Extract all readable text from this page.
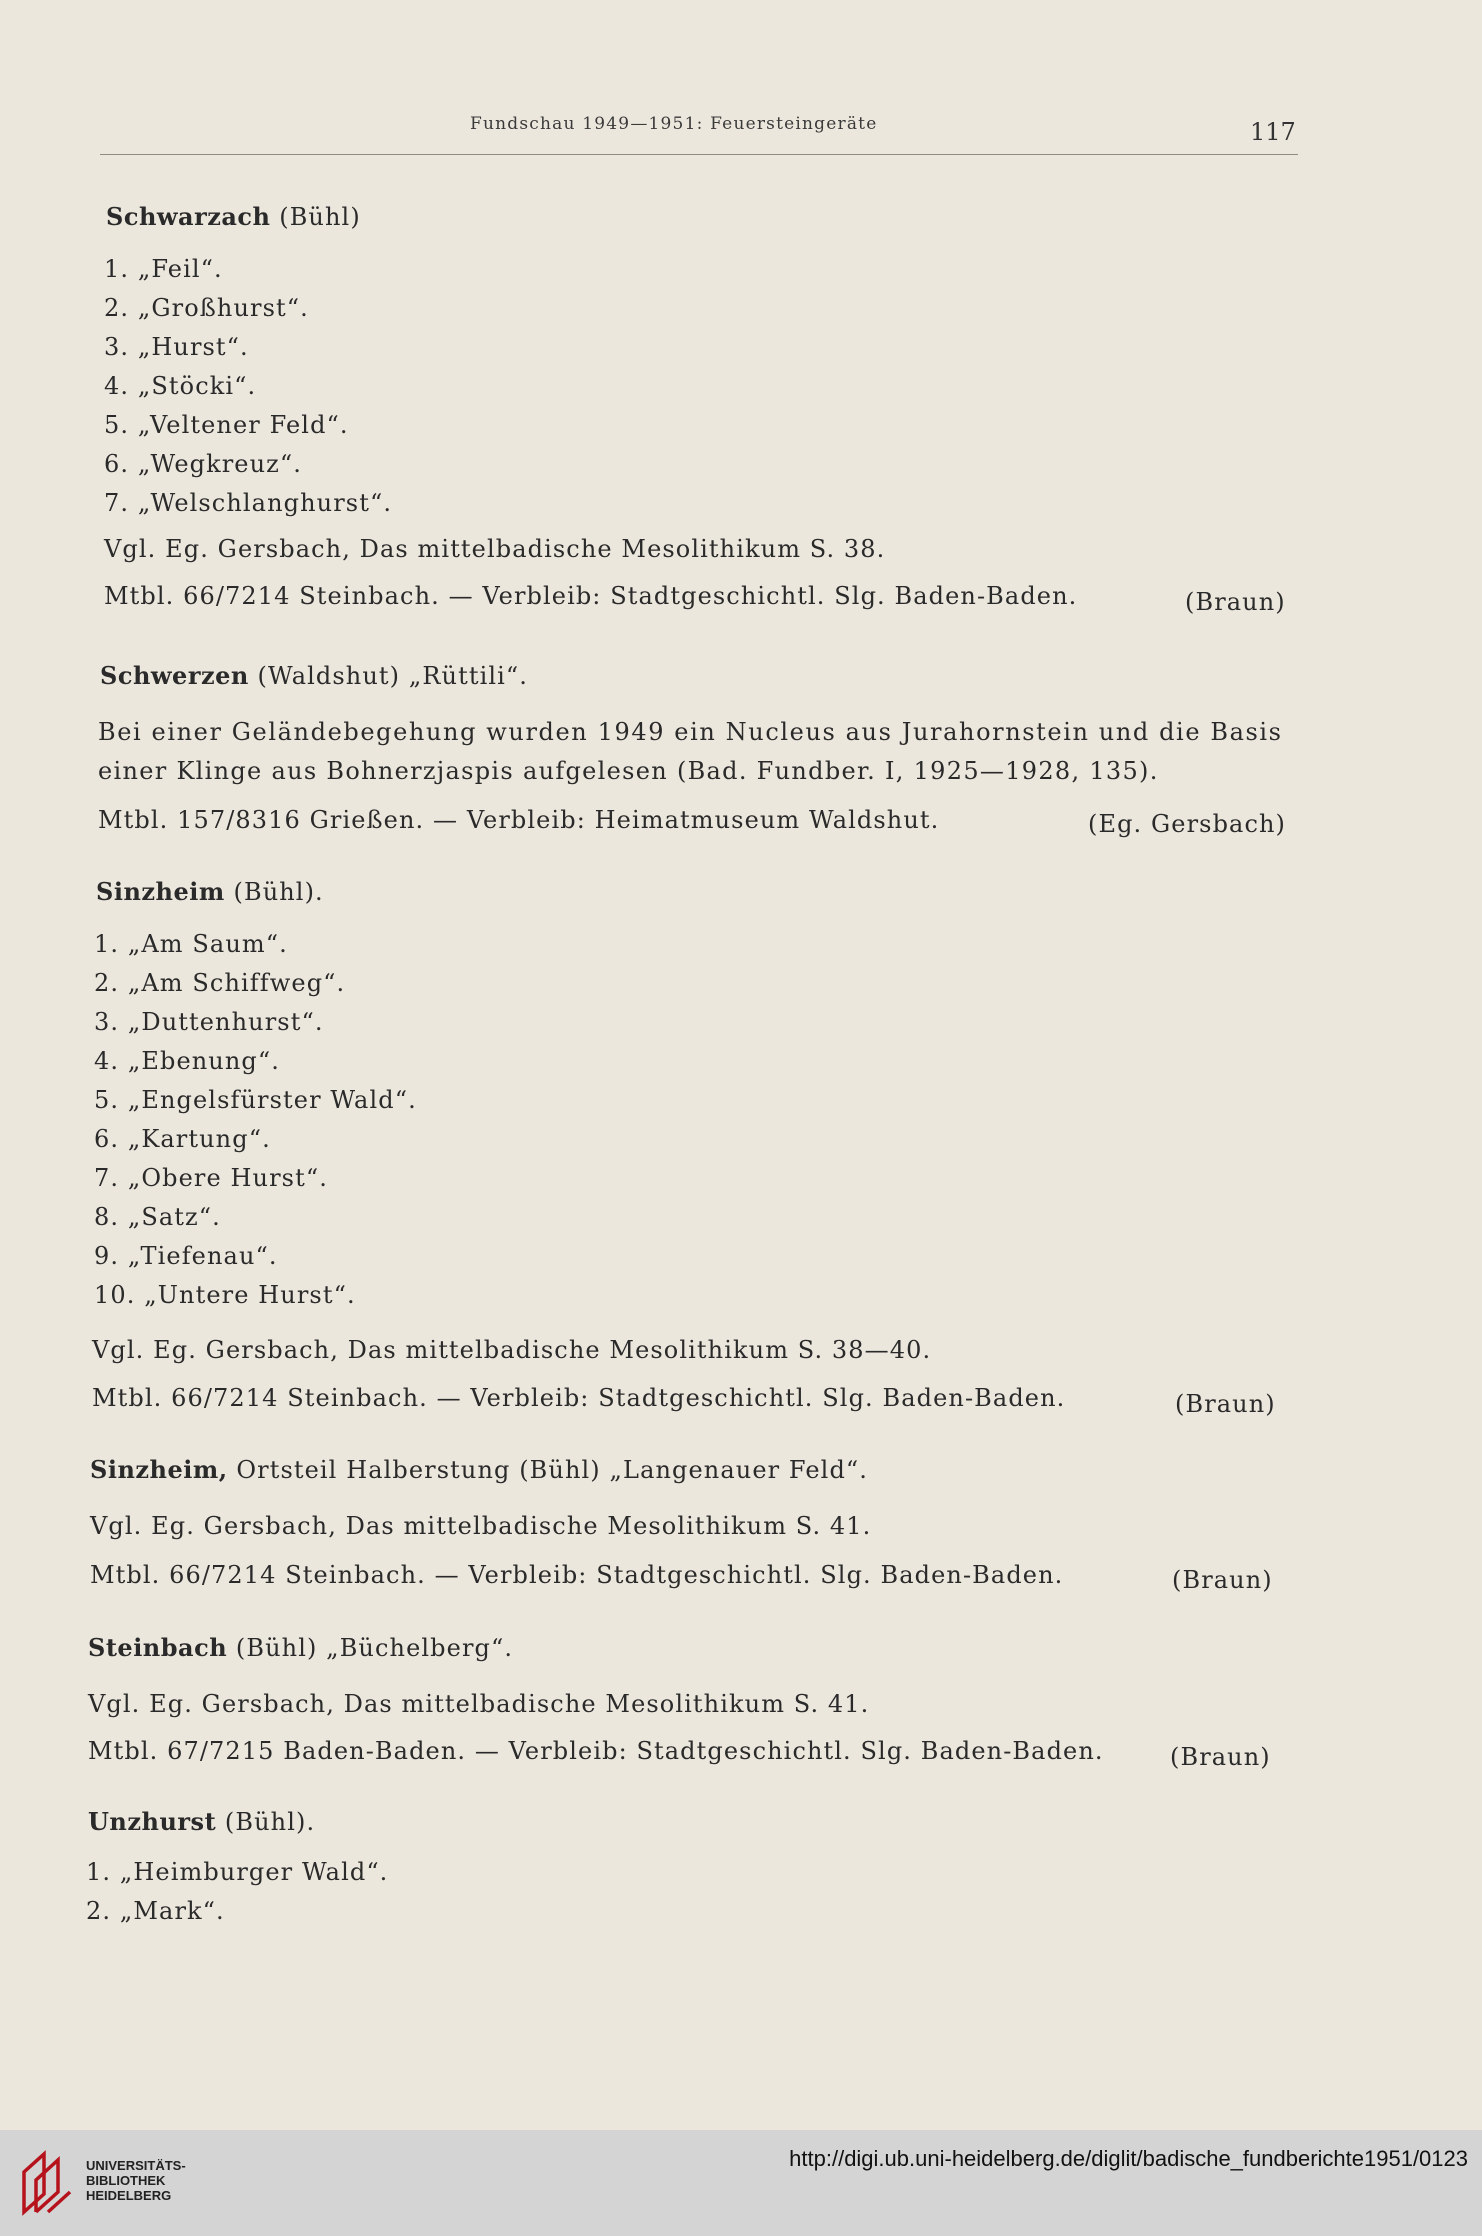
Fundschau 1949—1951: Feuersteingeräte	117
Schwarzach (Bühl)
1. „Feil“.
2. „Großhurst“.
3. „Hurst“.
4. „Stöcki“.
5. „Veltener Feld“.
6. „Wegkreuz“.
7. „Welschlanghurst“.
Vgl. Eg. Gersbach, Das mittelbadische Mesolithikum S. 38.
Mtbl. 66/7214 Steinbach. — Verbleib: Stadtgeschichtl. Slg. Baden-Baden.	(Braun)
Schwerzen (Waldshut) „Rüttili“.
Bei einer Geländebegehung wurden 1949 ein Nucleus aus Jurahornstein und die Basis
einer Klinge aus Bohnerzjaspis aufgelesen (Bad. Fundber. I, 1925—1928, 135).
Mtbl. 157/8316 Grießen. — Verbleib: Heimatmuseum Waldshut.	(Eg. Gersbach)
Sinzheim (Bühl).
1. „Am Saum“.
2. „Am Schiffweg“.
3. „Duttenhurst“.
4. „Ebenung“.
5. „Engelsfürster Wald“.
6. „Kartung“.
7. „Obere Hurst“.
8. „Satz“.
9. „Tiefenau“.
10. „Untere Hurst“.
Vgl. Eg. Gersbach, Das mittelbadische Mesolithikum S. 38—40.
Mtbl. 66/7214 Steinbach. — Verbleib: Stadtgeschichtl. Slg. Baden-Baden.	(Braun)
Sinzheim, Ortsteil Halberstung (Bühl) „Langenauer Feld“.
Vgl. Eg. Gersbach, Das mittelbadische Mesolithikum S. 41.
Mtbl. 66/7214 Steinbach. — Verbleib: Stadtgeschichtl. Slg. Baden-Baden.	(Braun)
Steinbach (Bühl) „Büchelberg“.
Vgl. Eg. Gersbach, Das mittelbadische Mesolithikum S. 41.
Mtbl. 67/7215 Baden-Baden. — Verbleib: Stadtgeschichtl. Slg. Baden-Baden.	(Braun)
Unzhurst (Bühl).
1. „Heimburger Wald“.
2. „Mark“.
UNIVERSITÄTS-
BIBLIOTHEK
HEIDELBERG
http://digi.ub.uni-heidelberg.de/diglit/badische_fundberichte1951/0123
